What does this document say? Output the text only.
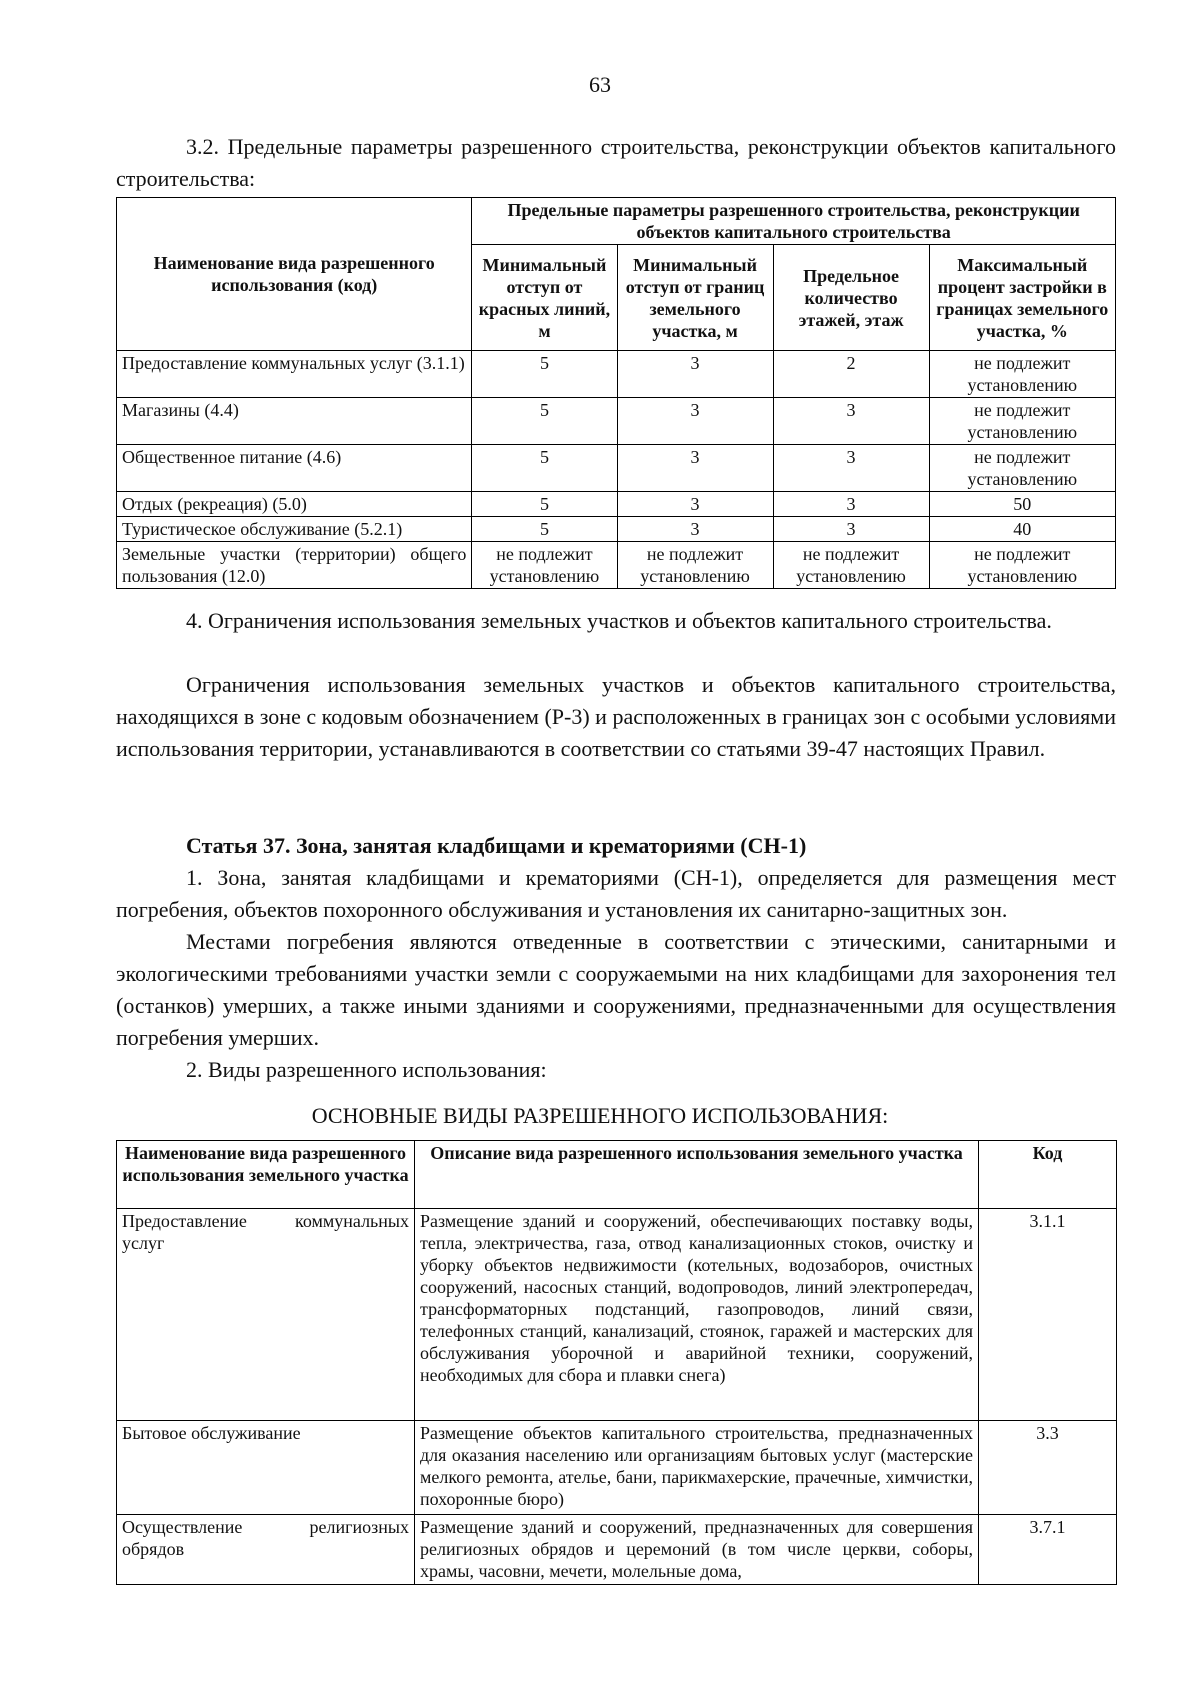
63
3.2. Предельные параметры разрешенного строительства, реконструкции объектов капитального строительства:
Наименование вида разрешенного использования (код)	Предельные параметры разрешенного строительства, реконструкции объектов капитального строительства			
	Минимальный отступ от красных линий, м	Минимальный отступ от границ земельного участка, м	Предельное количество этажей, этаж	Максимальный процент застройки в границах земельного участка, %
Предоставление коммунальных услуг (3.1.1)	5	3	2	не подлежит установлению
Магазины (4.4)	5	3	3	не подлежит установлению
Общественное питание (4.6)	5	3	3	не подлежит установлению
Отдых (рекреация) (5.0)	5	3	3	50
Туристическое обслуживание (5.2.1)	5	3	3	40
Земельные участки (территории) общего пользования (12.0)	не подлежит установлению	не подлежит установлению	не подлежит установлению	не подлежит установлению
4. Ограничения использования земельных участков и объектов капитального строительства.
Ограничения использования земельных участков и объектов капитального строительства, находящихся в зоне с кодовым обозначением (Р-3) и расположенных в границах зон с особыми условиями использования территории, устанавливаются в соответствии со статьями 39-47 настоящих Правил.
Статья 37. Зона, занятая кладбищами и крематориями (СН-1)
1. Зона, занятая кладбищами и крематориями (СН-1), определяется для размещения мест погребения, объектов похоронного обслуживания и установления их санитарно-защитных зон.
Местами погребения являются отведенные в соответствии с этическими, санитарными и экологическими требованиями участки земли с сооружаемыми на них кладбищами для захоронения тел (останков) умерших, а также иными зданиями и сооружениями, предназначенными для осуществления погребения умерших.
2. Виды разрешенного использования:
ОСНОВНЫЕ ВИДЫ РАЗРЕШЕННОГО ИСПОЛЬЗОВАНИЯ:
Наименование вида разрешенного использования земельного участка	Описание вида разрешенного использования земельного участка	Код
Предоставление коммунальных услуг	Размещение зданий и сооружений, обеспечивающих поставку воды, тепла, электричества, газа, отвод канализационных стоков, очистку и уборку объектов недвижимости (котельных, водозаборов, очистных сооружений, насосных станций, водопроводов, линий электропередач, трансформаторных подстанций, газопроводов, линий связи, телефонных станций, канализаций, стоянок, гаражей и мастерских для обслуживания уборочной и аварийной техники, сооружений, необходимых для сбора и плавки снега)	3.1.1
Бытовое обслуживание	Размещение объектов капитального строительства, предназначенных для оказания населению или организациям бытовых услуг (мастерские мелкого ремонта, ателье, бани, парикмахерские, прачечные, химчистки, похоронные бюро)	3.3
Осуществление религиозных обрядов	Размещение зданий и сооружений, предназначенных для совершения религиозных обрядов и церемоний (в том числе церкви, соборы, храмы, часовни, мечети, молельные дома,	3.7.1
